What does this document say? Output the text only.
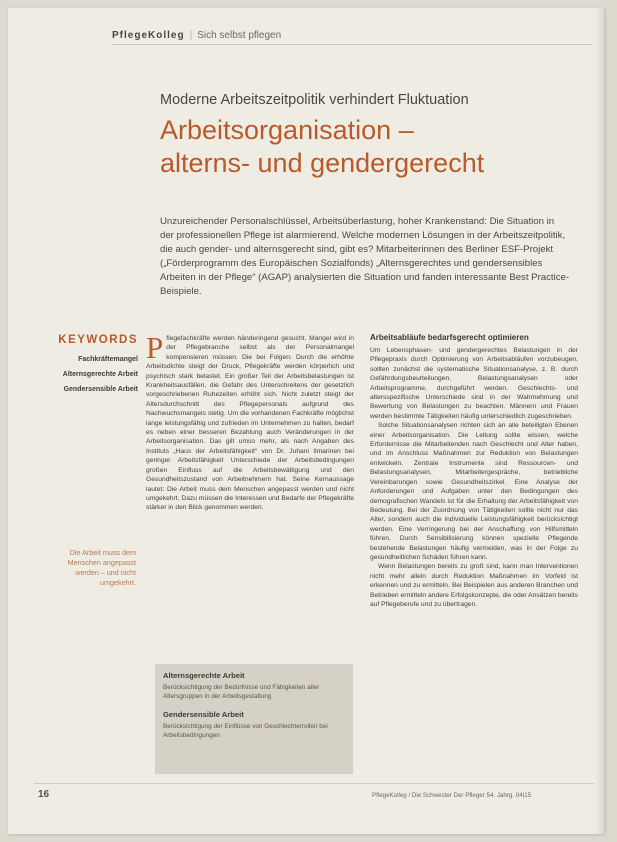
PflegeKolleg | Sich selbst pflegen
Moderne Arbeitszeitpolitik verhindert Fluktuation
Arbeitsorganisation –
alterns- und gendergerecht
Unzureichender Personalschlüssel, Arbeitsüberlastung, hoher Krankenstand: Die Situation in der professionellen Pflege ist alarmierend. Welche modernen Lösungen in der Arbeitszeitpolitik, die auch gender- und alternsgerecht sind, gibt es? Mitarbeiterinnen des Berliner ESF-Projekt („Förderprogramm des Europäischen Sozialfonds) „Alternsgerechtes und gendersensibles Arbeiten in der Pflege“ (AGAP) analysierten die Situation und fanden interessante Best Practice-Beispiele.
KEYWORDS
Fachkräftemangel
Alternsgerechte Arbeit
Gendersensible Arbeit
Die Arbeit muss dem Menschen angepasst werden – und nicht umgekehrt.
Pflegefachkräfte werden händeringend gesucht. Mangel wird in der Pflegebranche selbst als der Personalmangel kompensieren müssen. Die bei Folgen: Durch die erhöhte Arbeitsdichte steigt der Druck, Pflegekräfte werden körperlich und psychisch stark belastet. Ein großer Teil der Arbeitsbelastungen ist Krankheitsausfällen, die Gefahr des Unterschreitens der gesetzlich vorgeschriebenen Ruhezeiten erhöht sich. Nicht zuletzt steigt der Altersdurchschnitt des Pflegepersonals aufgrund des Nachwuchsmangels stetig. Um die vorhandenen Fachkräfte möglichst lange leistungsfähig und zufrieden im Unternehmen zu halten, bedarf es neben einer besseren Bezahlung auch Veränderungen in der Arbeitsorganisation. Das gilt umso mehr, als nach Angaben des Instituts „Haus der Arbeitsfähigkeit“ von Dr. Juhani Ilmarinen bei geringer Arbeitsfähigkeit Unterschiede der Arbeitsbedingungen großen Einfluss auf die Arbeitsbewältigung und den Gesundheitszustand von Arbeitnehmern hat. Seine Kernaussage lautet: Die Arbeit muss dem Menschen angepasst werden und nicht umgekehrt. Dazu müssen die Interessen und Bedarfe der Pflegekräfte stärker in den Blick genommen werden.
Arbeitsabläufe bedarfsgerecht optimieren

Um Lebensphasen- und gendergerechtes Belastungen in der Pflegepraxis durch Optimierung von Arbeitsabläufen vorzubeugen, sollten zunächst die systematische Situationsanalyse, z. B. durch Gefährdungsbeurteilungen, Belastungsanalysen oder Arbeitsprogramme, durchgeführt werden. Geschlechts- und altersspezifische Unterschiede sind in der Wahrnehmung und Bewertung von Belastungen zu beachten. Männern und Frauen werden bestimmte Tätigkeiten häufig unterschiedlich zugeschrieben.

Solche Situationsanalysen richten sich an alle beteiligten Ebenen einer Arbeitsorganisation. Die Leitung sollte wissen, welche Erfordernisse die Mitarbeitenden nach Geschlecht und Alter haben, und im Anschluss Maßnahmen zur Reduktion von Belastungen entwickeln. Zentrale Instrumente sind Ressourcen- und Belastungsanalysen, Mitarbeitergespräche, betriebliche Vereinbarungen sowie Gesundheitszirkel. Eine Analyse der Anforderungen und Aufgaben unter den Bedingungen des demografischen Wandels ist für die Erhaltung der Arbeitsfähigkeit von Bedeutung. Bei der Zuordnung von Tätigkeiten sollte nicht nur das Alter, sondern auch die individuelle Leistungsfähigkeit berücksichtigt werden. Eine Verringerung bei der Anschaffung von Hilfsmitteln führen. Durch Sensibilisierung können spezielle Pflegende bestehende Belastungen häufig vermeiden, was in der Folge zu gesundheitlichen Schäden führen kann.

Wenn Belastungen bereits zu groß sind, kann man Interventionen nicht mehr allein durch Reduktion Maßnahmen im Vorfeld ist erkennen und zu ermitteln. Bei Beispielen aus anderen Branchen und Betrieben ermitteln andere Erfolgskonzepte, die oder Ansätzen bereits auf Pflegeberufe und zu übertragen.

Alternsgerechte Arbeit
Berücksichtigung der Bedürfnisse und Fähigkeiten aller Altersgruppen in der Arbeitsgestaltung
Gendersensible Arbeit
Berücksichtigung der Einflüsse von Geschlechterrollen bei Arbeitsbedingungen
16	PflegeKolleg / Die Schwester Der Pfleger 54. Jahrg. 04|15
